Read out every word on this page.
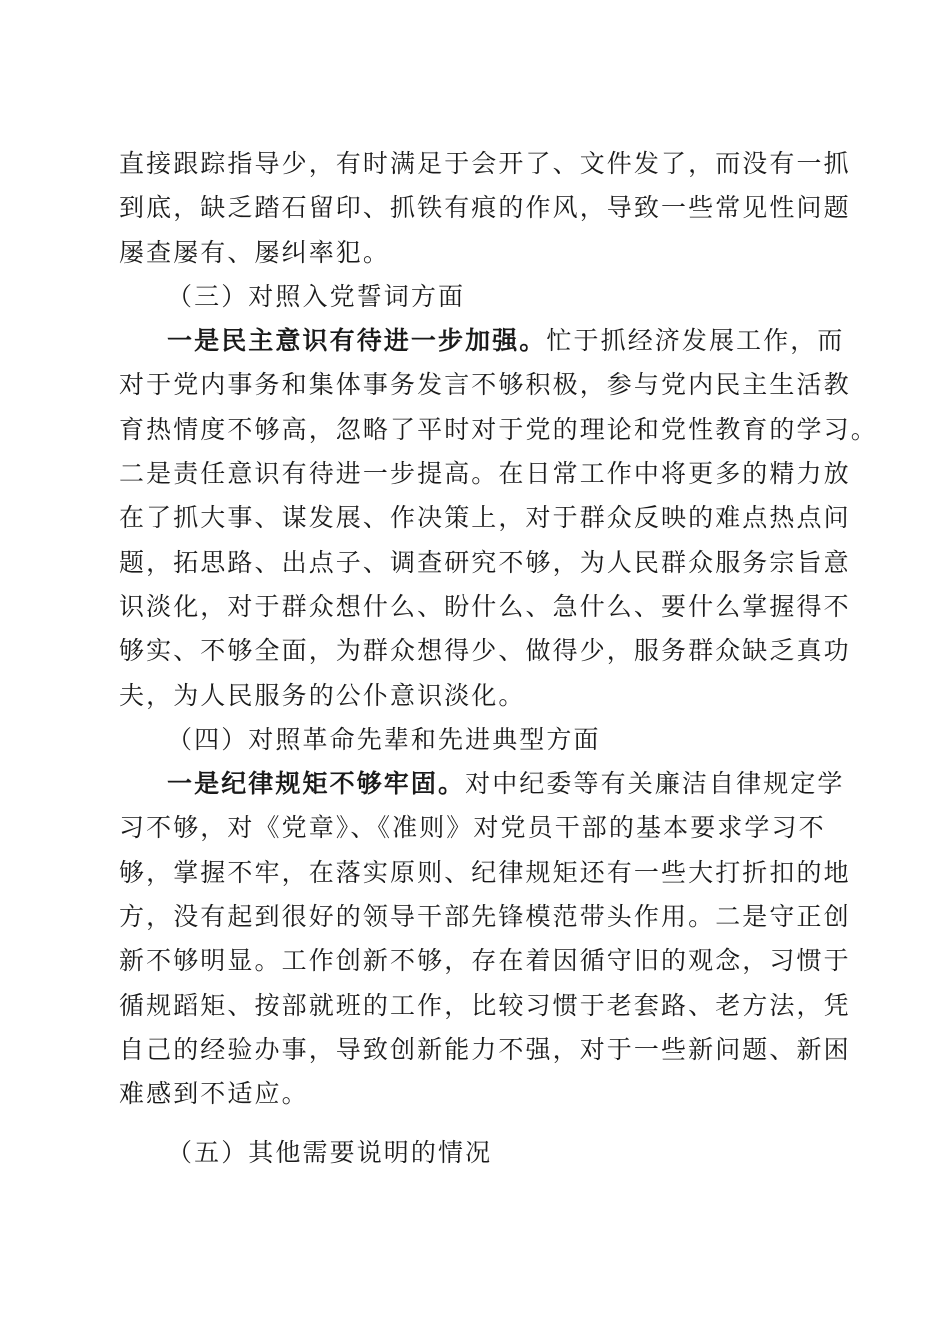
直接跟踪指导少，有时满足于会开了、文件发了，而没有一抓
到底，缺乏踏石留印、抓铁有痕的作风，导致一些常见性问题
屡查屡有、屡纠率犯。
（三）对照入党誓词方面
一是民主意识有待进一步加强。忙于抓经济发展工作，而
对于党内事务和集体事务发言不够积极，参与党内民主生活教
育热情度不够高，忽略了平时对于党的理论和党性教育的学习。
二是责任意识有待进一步提高。在日常工作中将更多的精力放
在了抓大事、谋发展、作决策上，对于群众反映的难点热点问
题，拓思路、出点子、调查研究不够，为人民群众服务宗旨意
识淡化，对于群众想什么、盼什么、急什么、要什么掌握得不
够实、不够全面，为群众想得少、做得少，服务群众缺乏真功
夫，为人民服务的公仆意识淡化。
（四）对照革命先辈和先进典型方面
一是纪律规矩不够牢固。对中纪委等有关廉洁自律规定学
习不够，对《党章》、《准则》对党员干部的基本要求学习不
够，掌握不牢，在落实原则、纪律规矩还有一些大打折扣的地
方，没有起到很好的领导干部先锋模范带头作用。二是守正创
新不够明显。工作创新不够，存在着因循守旧的观念，习惯于
循规蹈矩、按部就班的工作，比较习惯于老套路、老方法，凭
自己的经验办事，导致创新能力不强，对于一些新问题、新困
难感到不适应。
（五）其他需要说明的情况
